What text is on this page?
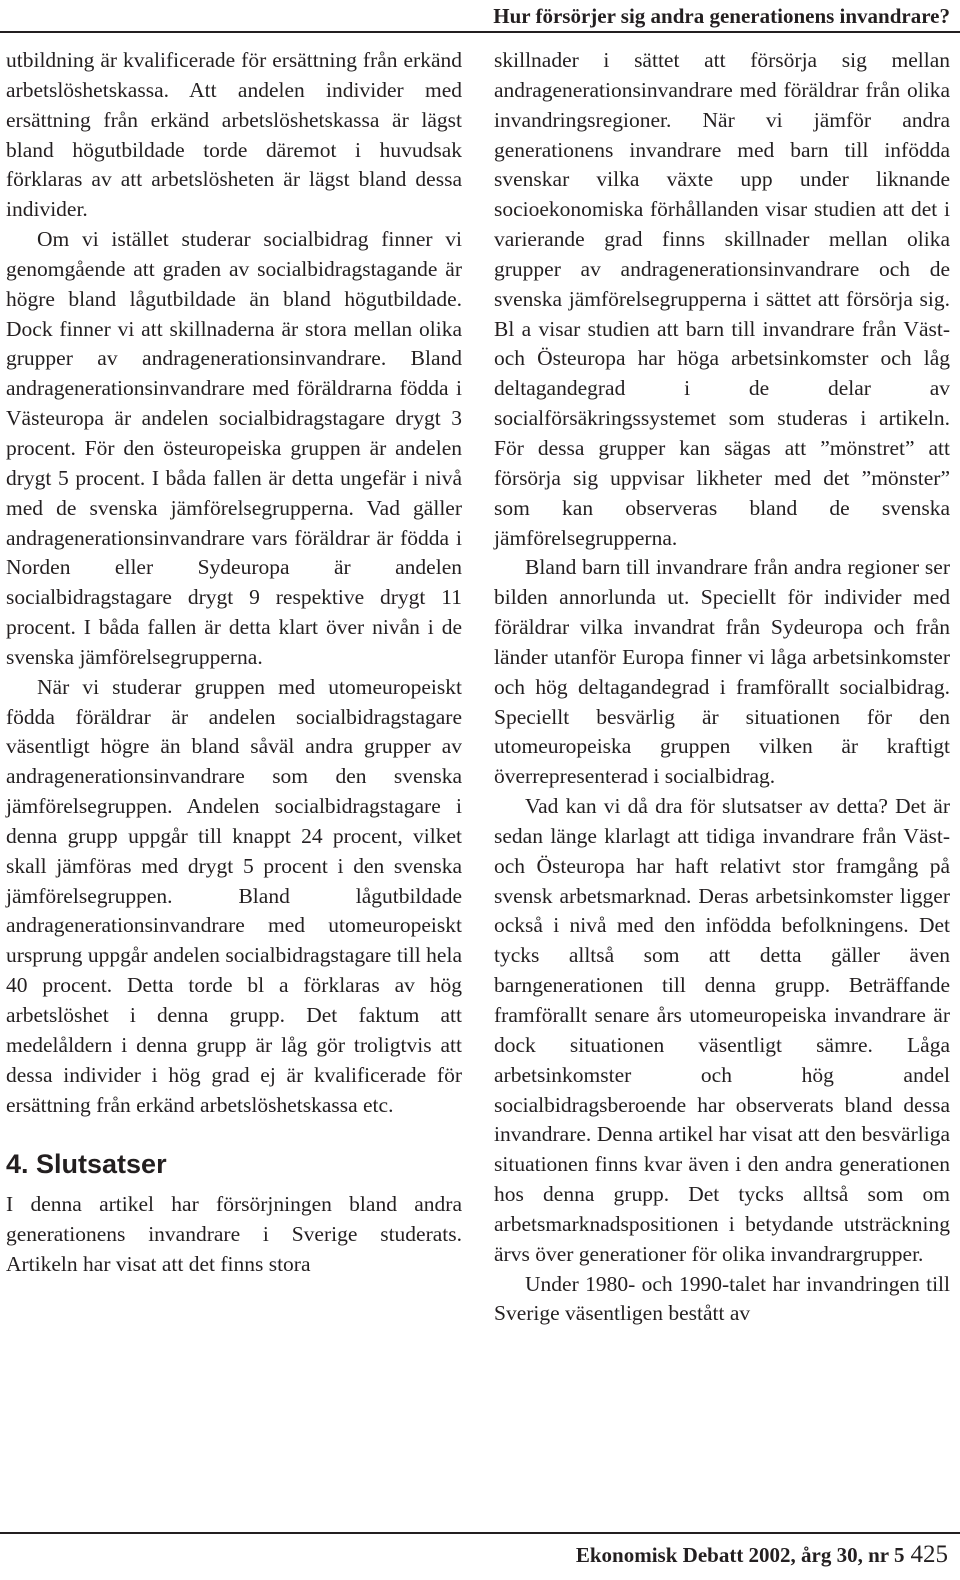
Hur försörjer sig andra generationens invandrare?

utbildning är kvalificerade för ersättning från erkänd arbetslöshetskassa. Att andelen individer med ersättning från erkänd arbetslöshetskassa är lägst bland högutbildade torde däremot i huvudsak förklaras av att arbetslösheten är lägst bland dessa individer.

Om vi istället studerar socialbidrag finner vi genomgående att graden av socialbidragstagande är högre bland lågutbildade än bland högutbildade. Dock finner vi att skillnaderna är stora mellan olika grupper av andragenerationsinvandrare. Bland andragenerationsinvandrare med föräldrarna födda i Västeuropa är andelen socialbidragstagare drygt 3 procent. För den östeuropeiska gruppen är andelen drygt 5 procent. I båda fallen är detta ungefär i nivå med de svenska jämförelsegrupperna. Vad gäller andragenerationsinvandrare vars föräldrar är födda i Norden eller Sydeuropa är andelen socialbidragstagare drygt 9 respektive drygt 11 procent. I båda fallen är detta klart över nivån i de svenska jämförelsegrupperna.

När vi studerar gruppen med utomeuropeiskt födda föräldrar är andelen socialbidragstagare väsentligt högre än bland såväl andra grupper av andragenerationsinvandrare som den svenska jämförelsegruppen. Andelen socialbidragstagare i denna grupp uppgår till knappt 24 procent, vilket skall jämföras med drygt 5 procent i den svenska jämförelsegruppen. Bland lågutbildade andragenerationsinvandrare med utomeuropeiskt ursprung uppgår andelen socialbidragstagare till hela 40 procent. Detta torde bl a förklaras av hög arbetslöshet i denna grupp. Det faktum att medelåldern i denna grupp är låg gör troligtvis att dessa individer i hög grad ej är kvalificerade för ersättning från erkänd arbetslöshetskassa etc.

4. Slutsatser

I denna artikel har försörjningen bland andra generationens invandrare i Sverige studerats. Artikeln har visat att det finns stora

skillnader i sättet att försörja sig mellan andragenerationsinvandrare med föräldrar från olika invandringsregioner. När vi jämför andra generationens invandrare med barn till infödda svenskar vilka växte upp under liknande socioekonomiska förhållanden visar studien att det i varierande grad finns skillnader mellan olika grupper av andragenerationsinvandrare och de svenska jämförelsegrupperna i sättet att försörja sig. Bl a visar studien att barn till invandrare från Väst- och Östeuropa har höga arbetsinkomster och låg deltagandegrad i de delar av socialförsäkringssystemet som studeras i artikeln. För dessa grupper kan sägas att ”mönstret” att försörja sig uppvisar likheter med det ”mönster” som kan observeras bland de svenska jämförelsegrupperna.

Bland barn till invandrare från andra regioner ser bilden annorlunda ut. Speciellt för individer med föräldrar vilka invandrat från Sydeuropa och från länder utanför Europa finner vi låga arbetsinkomster och hög deltagandegrad i framförallt socialbidrag. Speciellt besvärlig är situationen för den utomeuropeiska gruppen vilken är kraftigt överrepresenterad i socialbidrag.

Vad kan vi då dra för slutsatser av detta? Det är sedan länge klarlagt att tidiga invandrare från Väst- och Östeuropa har haft relativt stor framgång på svensk arbetsmarknad. Deras arbetsinkomster ligger också i nivå med den infödda befolkningens. Det tycks alltså som att detta gäller även barngenerationen till denna grupp. Beträffande framförallt senare års utomeuropeiska invandrare är dock situationen väsentligt sämre. Låga arbetsinkomster och hög andel socialbidragsberoende har observerats bland dessa invandrare. Denna artikel har visat att den besvärliga situationen finns kvar även i den andra generationen hos denna grupp. Det tycks alltså som om arbetsmarknadspositionen i betydande utsträckning ärvs över generationer för olika invandrargrupper.

Under 1980- och 1990-talet har invandringen till Sverige väsentligen bestått av

Ekonomisk Debatt 2002, årg 30, nr 5 425
